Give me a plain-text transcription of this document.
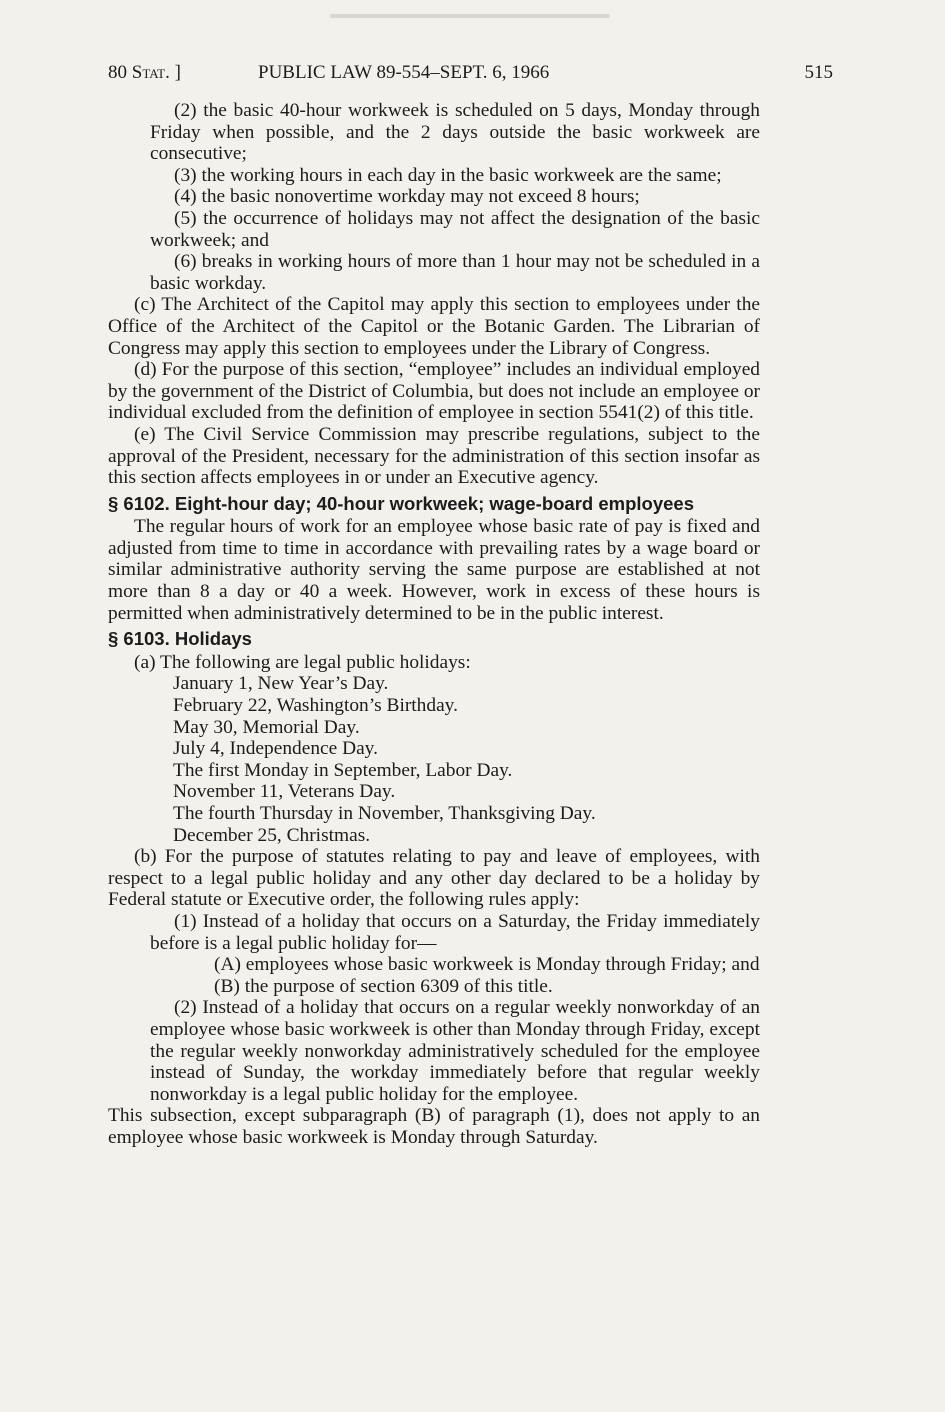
80 Stat. ]	PUBLIC LAW 89-554–SEPT. 6, 1966	515

(2) the basic 40-hour workweek is scheduled on 5 days, Monday through Friday when possible, and the 2 days outside the basic workweek are consecutive;

(3) the working hours in each day in the basic workweek are the same;

(4) the basic nonovertime workday may not exceed 8 hours;

(5) the occurrence of holidays may not affect the designation of the basic workweek; and

(6) breaks in working hours of more than 1 hour may not be scheduled in a basic workday.

(c) The Architect of the Capitol may apply this section to employees under the Office of the Architect of the Capitol or the Botanic Garden. The Librarian of Congress may apply this section to employees under the Library of Congress.

(d) For the purpose of this section, “employee” includes an individual employed by the government of the District of Columbia, but does not include an employee or individual excluded from the definition of employee in section 5541(2) of this title.

(e) The Civil Service Commission may prescribe regulations, subject to the approval of the President, necessary for the administration of this section insofar as this section affects employees in or under an Executive agency.

§ 6102. Eight-hour day; 40-hour workweek; wage-board employees

The regular hours of work for an employee whose basic rate of pay is fixed and adjusted from time to time in accordance with prevailing rates by a wage board or similar administrative authority serving the same purpose are established at not more than 8 a day or 40 a week. However, work in excess of these hours is permitted when administratively determined to be in the public interest.

§ 6103. Holidays

(a) The following are legal public holidays:

January 1, New Year’s Day.

February 22, Washington’s Birthday.

May 30, Memorial Day.

July 4, Independence Day.

The first Monday in September, Labor Day.

November 11, Veterans Day.

The fourth Thursday in November, Thanksgiving Day.

December 25, Christmas.

(b) For the purpose of statutes relating to pay and leave of employees, with respect to a legal public holiday and any other day declared to be a holiday by Federal statute or Executive order, the following rules apply:

(1) Instead of a holiday that occurs on a Saturday, the Friday immediately before is a legal public holiday for—

(A) employees whose basic workweek is Monday through Friday; and

(B) the purpose of section 6309 of this title.

(2) Instead of a holiday that occurs on a regular weekly nonworkday of an employee whose basic workweek is other than Monday through Friday, except the regular weekly nonworkday administratively scheduled for the employee instead of Sunday, the workday immediately before that regular weekly nonworkday is a legal public holiday for the employee.

This subsection, except subparagraph (B) of paragraph (1), does not apply to an employee whose basic workweek is Monday through Saturday.
